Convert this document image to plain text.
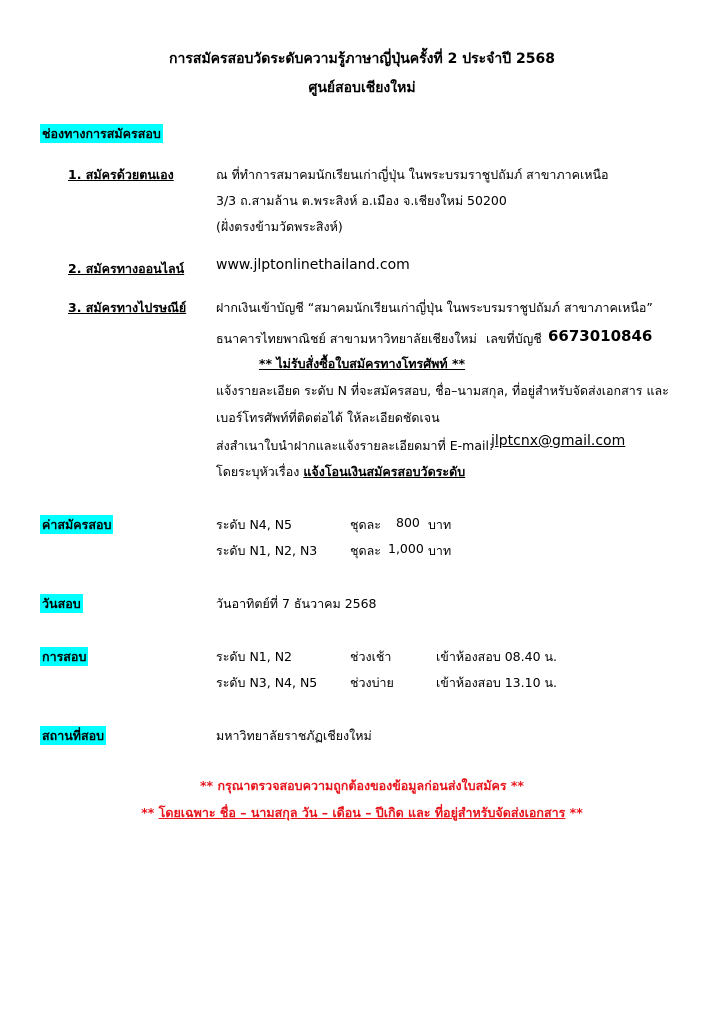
การสมัครสอบวัดระดับความรู้ภาษาญี่ปุ่นครั้งที่ 2 ประจำปี 2568
ศูนย์สอบเชียงใหม่
ช่องทางการสมัครสอบ
1. สมัครด้วยตนเอง	ณ ที่ทำการสมาคมนักเรียนเก่าญี่ปุ่น ในพระบรมราชูปถัมภ์ สาขาภาคเหนือ
3/3 ถ.สามล้าน ต.พระสิงห์ อ.เมือง จ.เชียงใหม่ 50200
(ฝั่งตรงข้ามวัดพระสิงห์)
2. สมัครทางออนไลน์ www.jlptonlinethailand.com
3. สมัครทางไปรษณีย์ ฝากเงินเข้าบัญชี “สมาคมนักเรียนเก่าญี่ปุ่น ในพระบรมราชูปถัมภ์ สาขาภาคเหนือ”
ธนาคารไทยพาณิชย์ สาขามหาวิทยาลัยเชียงใหม่ เลขที่บัญชี 6673010846
** ไม่รับสั่งซื้อใบสมัครทางโทรศัพท์ **
แจ้งรายละเอียด ระดับ N ที่จะสมัครสอบ, ชื่อ–นามสกุล, ที่อยู่สำหรับจัดส่งเอกสาร และ
เบอร์โทรศัพท์ที่ติดต่อได้ ให้ละเอียดชัดเจน
ส่งสำเนาใบนำฝากและแจ้งรายละเอียดมาที่ E-mail:
jlptcnx@gmail.com
โดยระบุหัวเรื่อง แจ้งโอนเงินสมัครสอบวัดระดับ
ค่าสมัครสอบ	ระดับ N4, N5	ชุดละ 800 บาท
ระดับ N1, N2, N3	ชุดละ 1,000 บาท
วันสอบ	วันอาทิตย์ที่ 7 ธันวาคม 2568
การสอบ	ระดับ N1, N2	ช่วงเช้า	เข้าห้องสอบ 08.40 น.
ระดับ N3, N4, N5	ช่วงบ่าย	เข้าห้องสอบ 13.10 น.
สถานที่สอบ	มหาวิทยาลัยราชภัฏเชียงใหม่
** กรุณาตรวจสอบความถูกต้องของข้อมูลก่อนส่งใบสมัคร **
** โดยเฉพาะ ชื่อ – นามสกุล วัน – เดือน – ปีเกิด และ ที่อยู่สำหรับจัดส่งเอกสาร **
